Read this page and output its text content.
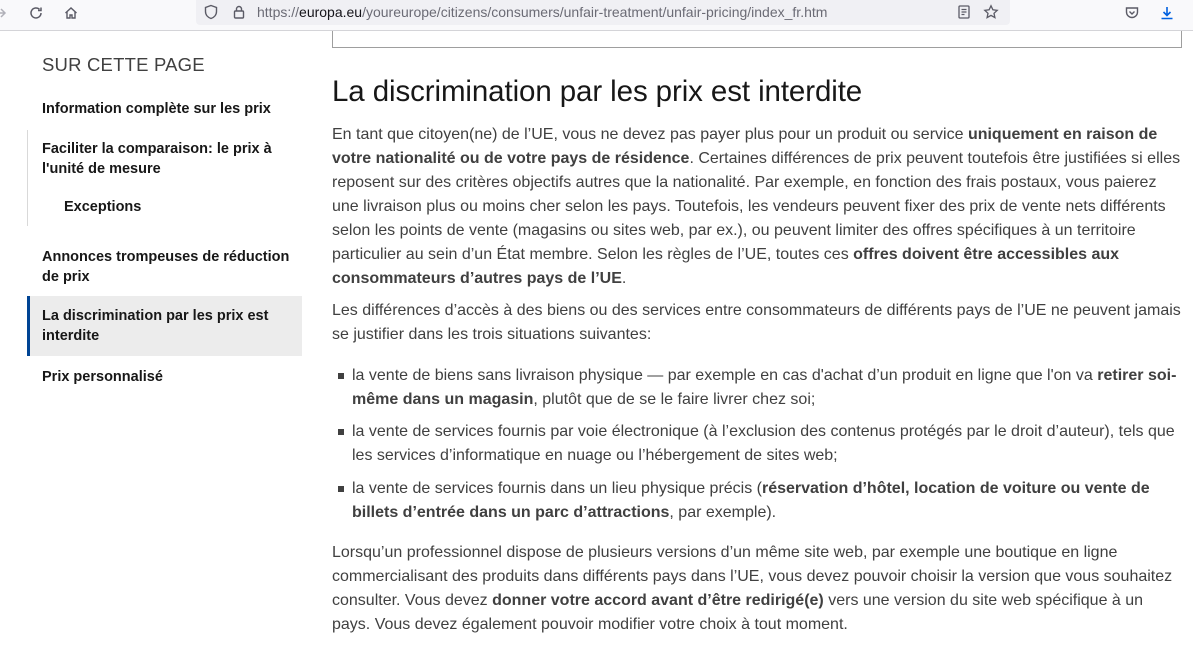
https://europa.eu/youreurope/citizens/consumers/unfair-treatment/unfair-pricing/index_fr.htm
SUR CETTE PAGE
Information complète sur les prix
Faciliter la comparaison: le prix à l'unité de mesure
Exceptions
Annonces trompeuses de réduction de prix
La discrimination par les prix est interdite
Prix personnalisé
La discrimination par les prix est interdite

En tant que citoyen(ne) de l’UE, vous ne devez pas payer plus pour un produit ou service uniquement en raison de votre nationalité ou de votre pays de résidence. Certaines différences de prix peuvent toutefois être justifiées si elles reposent sur des critères objectifs autres que la nationalité. Par exemple, en fonction des frais postaux, vous paierez une livraison plus ou moins cher selon les pays. Toutefois, les vendeurs peuvent fixer des prix de vente nets différents selon les points de vente (magasins ou sites web, par ex.), ou peuvent limiter des offres spécifiques à un territoire particulier au sein d’un État membre. Selon les règles de l’UE, toutes ces offres doivent être accessibles aux consommateurs d’autres pays de l’UE.

Les différences d’accès à des biens ou des services entre consommateurs de différents pays de l’UE ne peuvent jamais se justifier dans les trois situations suivantes:

la vente de biens sans livraison physique — par exemple en cas d'achat d’un produit en ligne que l'on va retirer soi-même dans un magasin, plutôt que de se le faire livrer chez soi;
la vente de services fournis par voie électronique (à l’exclusion des contenus protégés par le droit d’auteur), tels que les services d’informatique en nuage ou l’hébergement de sites web;
la vente de services fournis dans un lieu physique précis (réservation d’hôtel, location de voiture ou vente de billets d’entrée dans un parc d’attractions, par exemple).

Lorsqu’un professionnel dispose de plusieurs versions d’un même site web, par exemple une boutique en ligne commercialisant des produits dans différents pays dans l’UE, vous devez pouvoir choisir la version que vous souhaitez consulter. Vous devez donner votre accord avant d’être redirigé(e) vers une version du site web spécifique à un pays. Vous devez également pouvoir modifier votre choix à tout moment.
